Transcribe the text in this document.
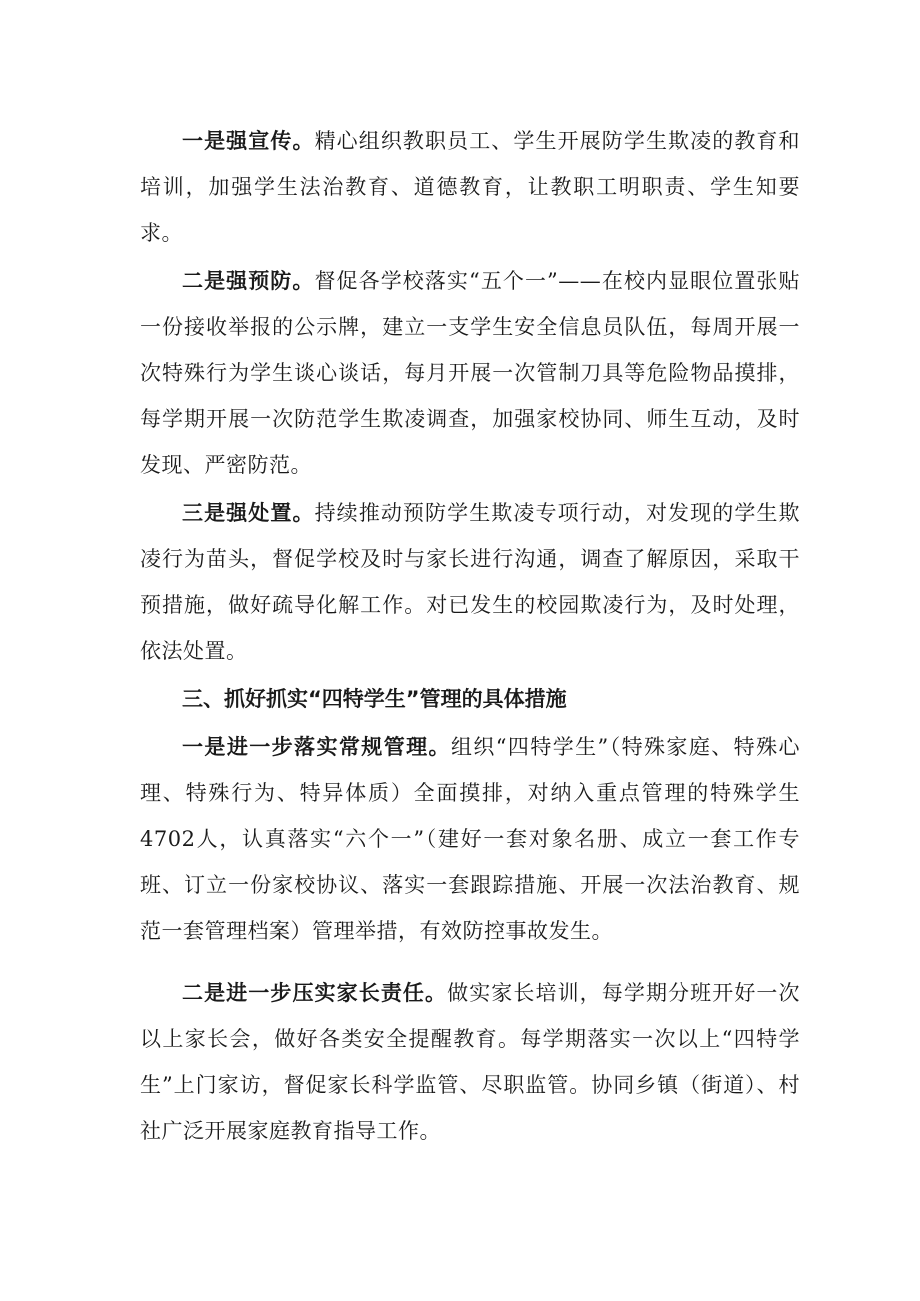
一是强宣传。精心组织教职员工、学生开展防学生欺凌的教育和培训，加强学生法治教育、道德教育，让教职工明职责、学生知要求。

二是强预防。督促各学校落实“五个一”——在校内显眼位置张贴一份接收举报的公示牌，建立一支学生安全信息员队伍，每周开展一次特殊行为学生谈心谈话，每月开展一次管制刀具等危险物品摸排，每学期开展一次防范学生欺凌调查，加强家校协同、师生互动，及时发现、严密防范。

三是强处置。持续推动预防学生欺凌专项行动，对发现的学生欺凌行为苗头，督促学校及时与家长进行沟通，调查了解原因，采取干预措施，做好疏导化解工作。对已发生的校园欺凌行为，及时处理，依法处置。

三、抓好抓实“四特学生”管理的具体措施

一是进一步落实常规管理。组织“四特学生”（特殊家庭、特殊心理、特殊行为、特异体质）全面摸排，对纳入重点管理的特殊学生4702人，认真落实“六个一”（建好一套对象名册、成立一套工作专班、订立一份家校协议、落实一套跟踪措施、开展一次法治教育、规范一套管理档案）管理举措，有效防控事故发生。

二是进一步压实家长责任。做实家长培训，每学期分班开好一次以上家长会，做好各类安全提醒教育。每学期落实一次以上“四特学生”上门家访，督促家长科学监管、尽职监管。协同乡镇（街道）、村社广泛开展家庭教育指导工作。
